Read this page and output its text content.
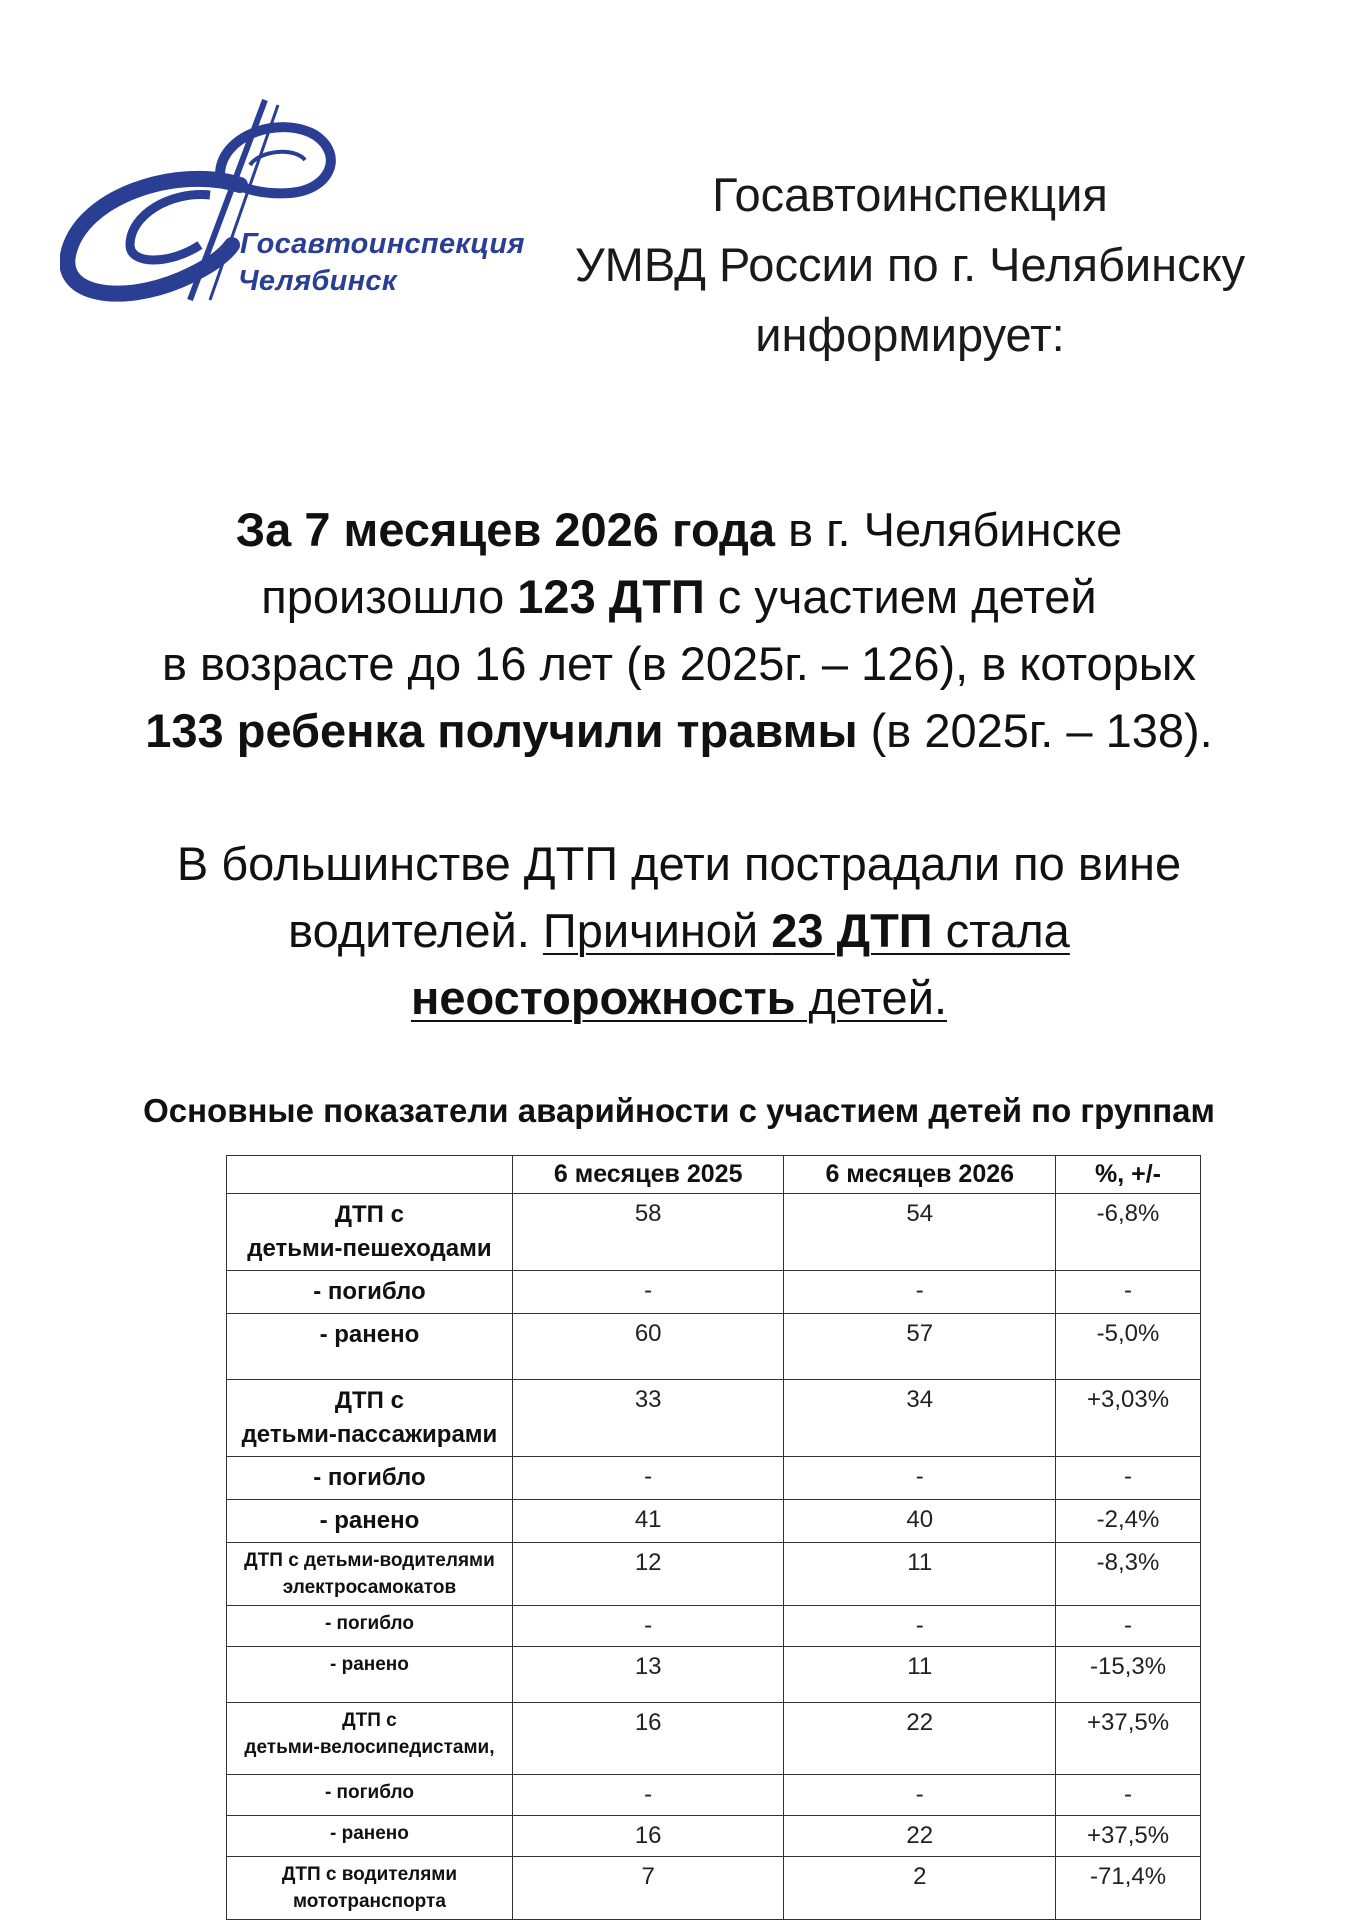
Госавтоинспекция
Челябинск
Госавтоинспекция
УМВД России по г. Челябинску
информирует:
За 7 месяцев 2026 года в г. Челябинске
произошло 123 ДТП с участием детей
в возрасте до 16 лет (в 2025г. – 126), в которых
133 ребенка получили травмы (в 2025г. – 138).
В большинстве ДТП дети пострадали по вине
водителей. Причиной 23 ДТП стала
неосторожность детей.
Основные показатели аварийности с участием детей по группам
	6 месяцев 2025	6 месяцев 2026	%, +/-

ДТП с
детьми-пешеходами	58	54	-6,8%

- погибло	-	-	-

- ранено	60	57	-5,0%

ДТП с
детьми-пассажирами	33	34	+3,03%

- погибло	-	-	-

- ранено	41	40	-2,4%

ДТП с детьми-водителями
электросамокатов	12	11	-8,3%

- погибло	-	-	-

- ранено	13	11	-15,3%

ДТП с
детьми-велосипедистами,	16	22	+37,5%

- погибло	-	-	-

- ранено	16	22	+37,5%

ДТП с водителями
мототранспорта	7	2	-71,4%
